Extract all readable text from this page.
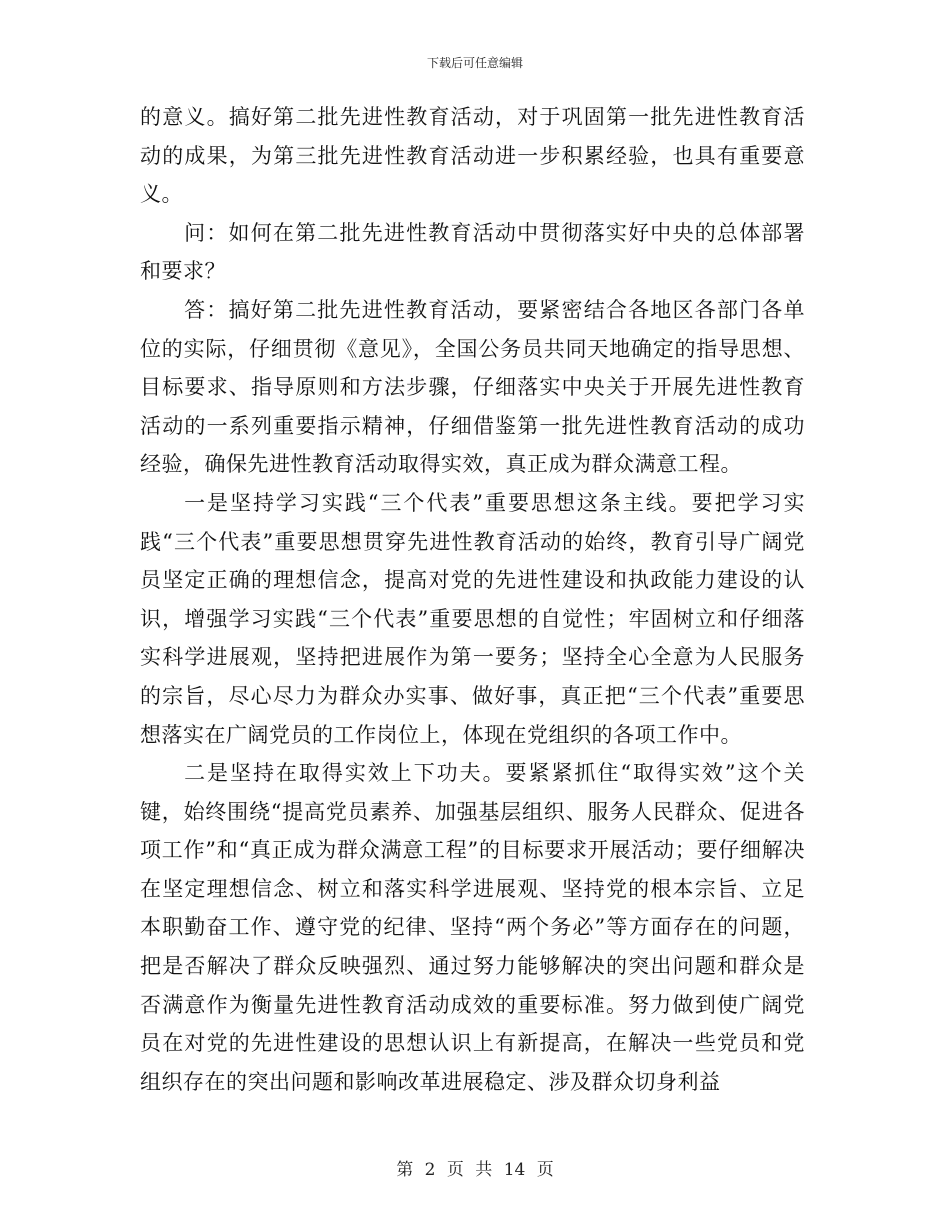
下载后可任意编辑

的意义。搞好第二批先进性教育活动，对于巩固第一批先进性教育活动的成果，为第三批先进性教育活动进一步积累经验，也具有重要意义。

问：如何在第二批先进性教育活动中贯彻落实好中央的总体部署和要求？

答：搞好第二批先进性教育活动，要紧密结合各地区各部门各单位的实际，仔细贯彻《意见》，全国公务员共同天地确定的指导思想、目标要求、指导原则和方法步骤，仔细落实中央关于开展先进性教育活动的一系列重要指示精神，仔细借鉴第一批先进性教育活动的成功经验，确保先进性教育活动取得实效，真正成为群众满意工程。

一是坚持学习实践“三个代表”重要思想这条主线。要把学习实践“三个代表”重要思想贯穿先进性教育活动的始终，教育引导广阔党员坚定正确的理想信念，提高对党的先进性建设和执政能力建设的认识，增强学习实践“三个代表”重要思想的自觉性；牢固树立和仔细落实科学进展观，坚持把进展作为第一要务；坚持全心全意为人民服务的宗旨，尽心尽力为群众办实事、做好事，真正把“三个代表”重要思想落实在广阔党员的工作岗位上，体现在党组织的各项工作中。

二是坚持在取得实效上下功夫。要紧紧抓住“取得实效”这个关键，始终围绕“提高党员素养、加强基层组织、服务人民群众、促进各项工作”和“真正成为群众满意工程”的目标要求开展活动；要仔细解决在坚定理想信念、树立和落实科学进展观、坚持党的根本宗旨、立足本职勤奋工作、遵守党的纪律、坚持“两个务必”等方面存在的问题，把是否解决了群众反映强烈、通过努力能够解决的突出问题和群众是否满意作为衡量先进性教育活动成效的重要标准。努力做到使广阔党员在对党的先进性建设的思想认识上有新提高，在解决一些党员和党组织存在的突出问题和影响改革进展稳定、涉及群众切身利益

第 2 页 共 14 页
